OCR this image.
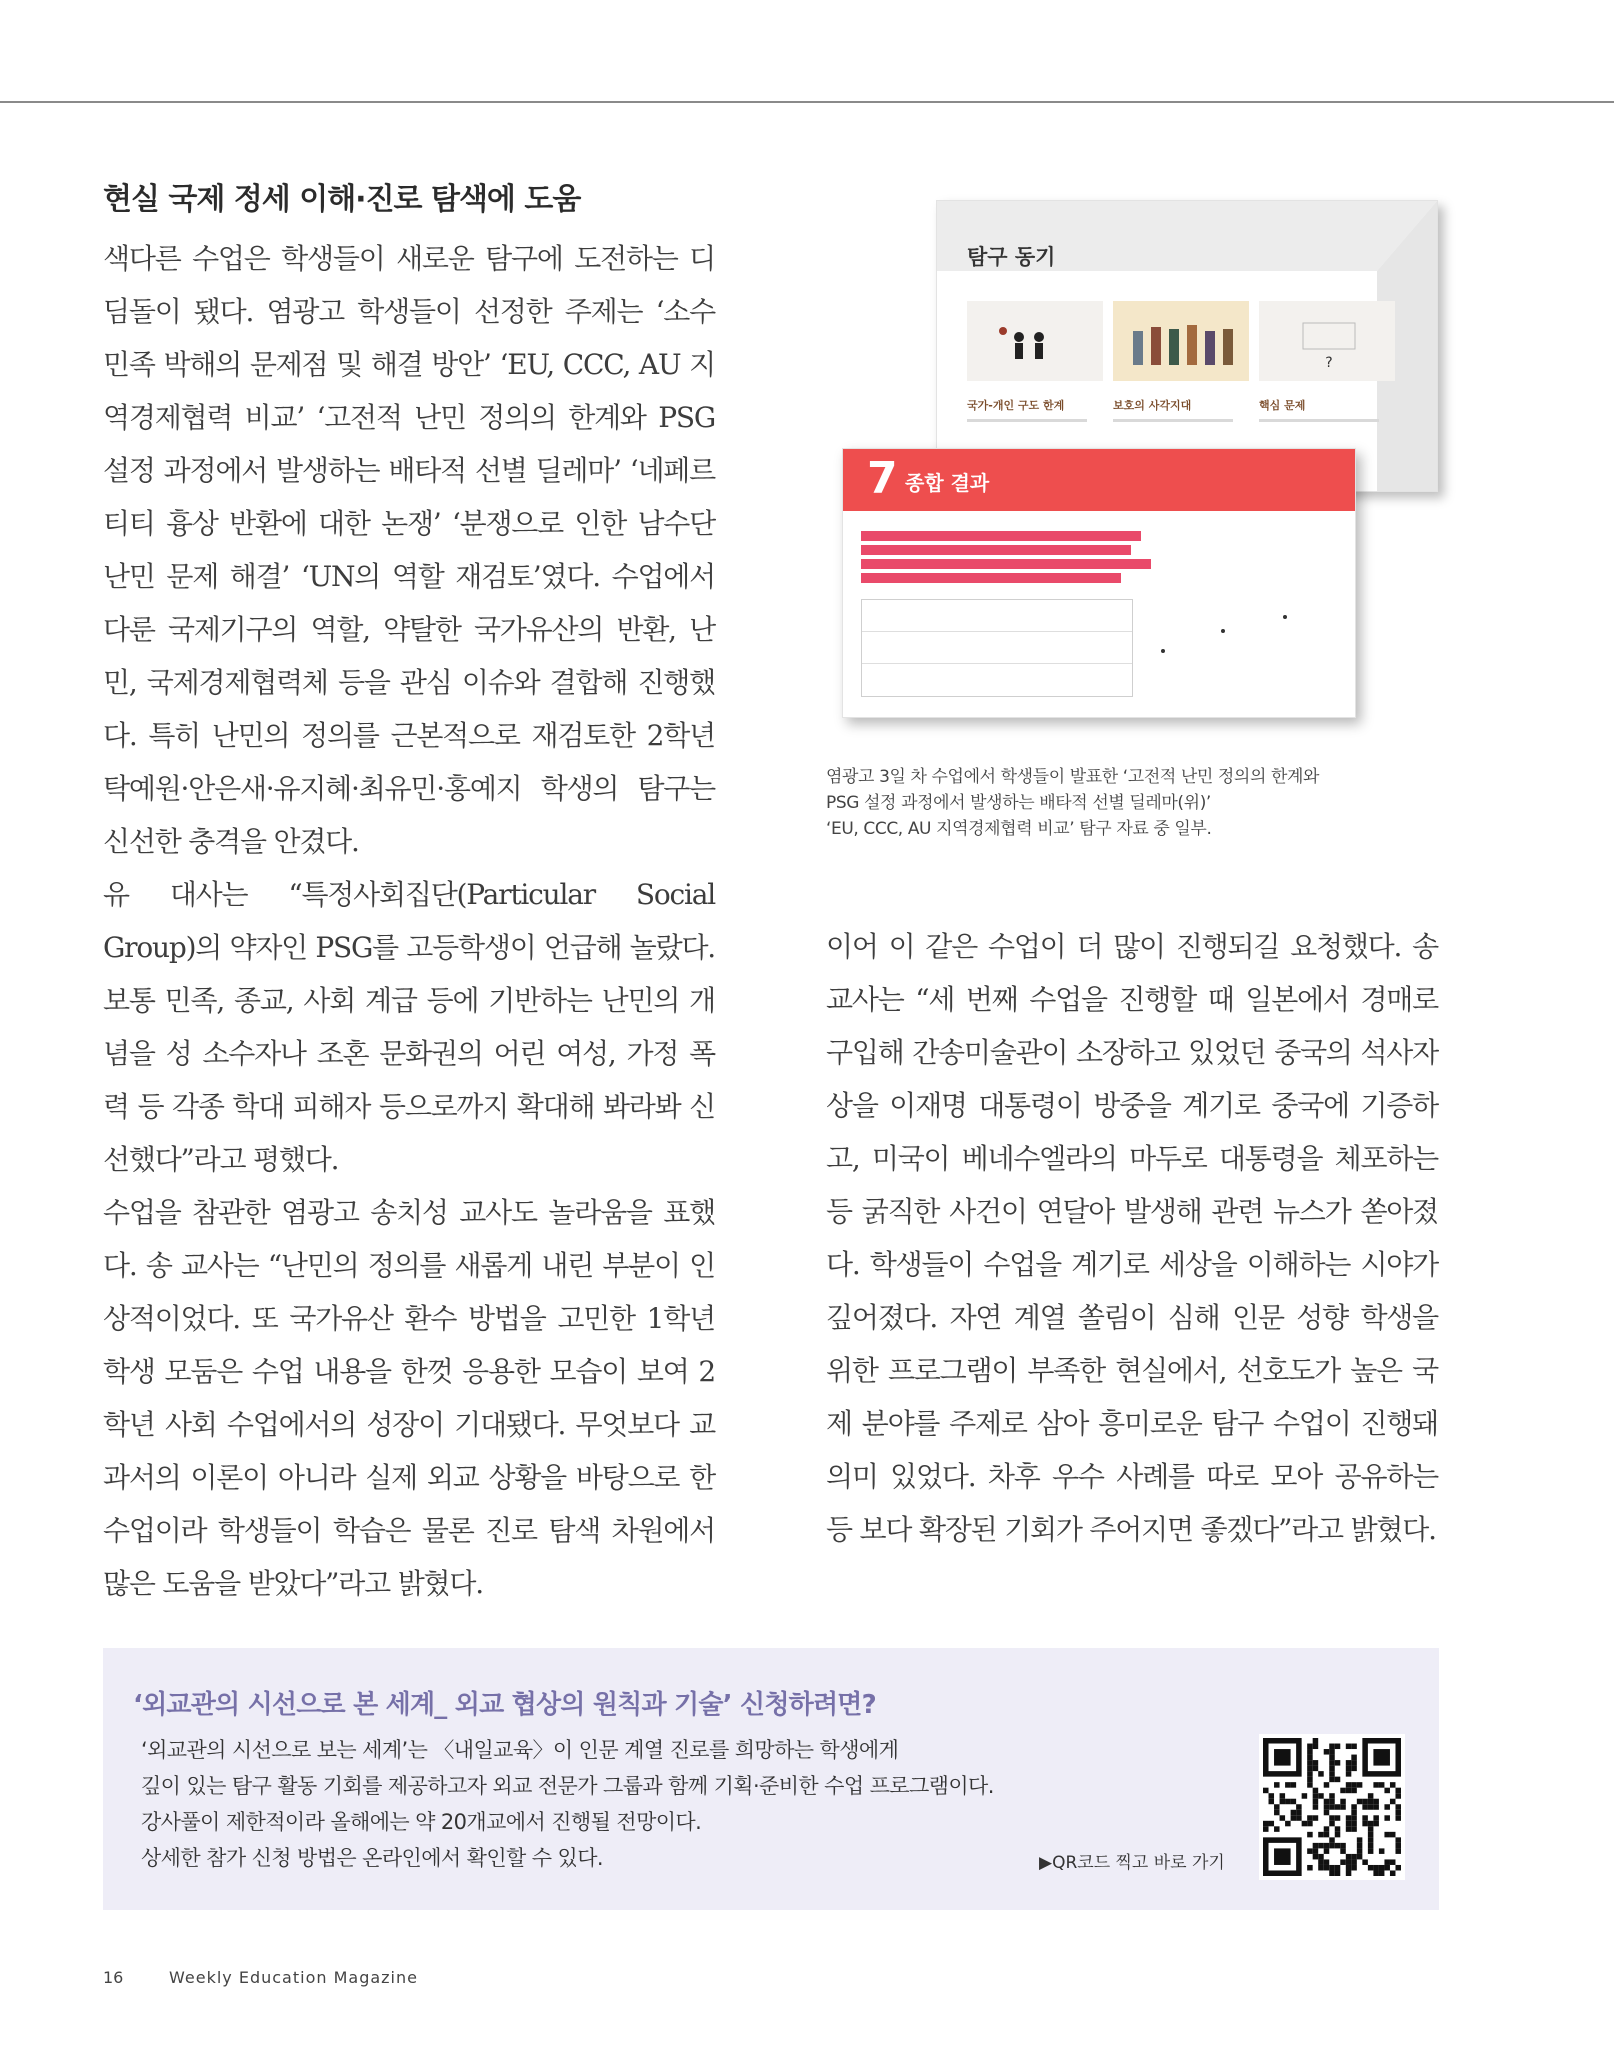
현실 국제 정세 이해·진로 탐색에 도움

색다른 수업은 학생들이 새로운 탐구에 도전하는 디딤돌이 됐다. 염광고 학생들이 선정한 주제는 ‘소수 민족 박해의 문제점 및 해결 방안’ ‘EU, CCC, AU 지역경제협력 비교’ ‘고전적 난민 정의의 한계와 PSG 설정 과정에서 발생하는 배타적 선별 딜레마’ ‘네페르티티 흉상 반환에 대한 논쟁’ ‘분쟁으로 인한 남수단 난민 문제 해결’ ‘UN의 역할 재검토’였다. 수업에서 다룬 국제기구의 역할, 약탈한 국가유산의 반환, 난민, 국제경제협력체 등을 관심 이슈와 결합해 진행했다. 특히 난민의 정의를 근본적으로 재검토한 2학년 탁예원·안은새·유지혜·최유민·홍예지 학생의 탐구는 신선한 충격을 안겼다.

유 대사는 “특정사회집단(Particular Social Group)의 약자인 PSG를 고등학생이 언급해 놀랐다. 보통 민족, 종교, 사회 계급 등에 기반하는 난민의 개념을 성 소수자나 조혼 문화권의 어린 여성, 가정 폭력 등 각종 학대 피해자 등으로까지 확대해 봐라봐 신선했다”라고 평했다.

수업을 참관한 염광고 송치성 교사도 놀라움을 표했다. 송 교사는 “난민의 정의를 새롭게 내린 부분이 인상적이었다. 또 국가유산 환수 방법을 고민한 1학년 학생 모둠은 수업 내용을 한껏 응용한 모습이 보여 2학년 사회 수업에서의 성장이 기대됐다. 무엇보다 교과서의 이론이 아니라 실제 외교 상황을 바탕으로 한 수업이라 학생들이 학습은 물론 진로 탐색 차원에서 많은 도움을 받았다”라고 밝혔다.

탐구 동기
?
국가-개인 구도 한계	보호의 사각지대	핵심 문제
7 종합 결과
염광고 3일 차 수업에서 학생들이 발표한 ‘고전적 난민 정의의 한계와
PSG 설정 과정에서 발생하는 배타적 선별 딜레마(위)’
‘EU, CCC, AU 지역경제협력 비교’ 탐구 자료 중 일부.

이어 이 같은 수업이 더 많이 진행되길 요청했다. 송 교사는 “세 번째 수업을 진행할 때 일본에서 경매로 구입해 간송미술관이 소장하고 있었던 중국의 석사자상을 이재명 대통령이 방중을 계기로 중국에 기증하고, 미국이 베네수엘라의 마두로 대통령을 체포하는 등 굵직한 사건이 연달아 발생해 관련 뉴스가 쏟아졌다. 학생들이 수업을 계기로 세상을 이해하는 시야가 깊어졌다. 자연 계열 쏠림이 심해 인문 성향 학생을 위한 프로그램이 부족한 현실에서, 선호도가 높은 국제 분야를 주제로 삼아 흥미로운 탐구 수업이 진행돼 의미 있었다. 차후 우수 사례를 따로 모아 공유하는 등 보다 확장된 기회가 주어지면 좋겠다”라고 밝혔다.

‘외교관의 시선으로 본 세계_ 외교 협상의 원칙과 기술’ 신청하려면?
‘외교관의 시선으로 보는 세계’는 〈내일교육〉이 인문 계열 진로를 희망하는 학생에게
깊이 있는 탐구 활동 기회를 제공하고자 외교 전문가 그룹과 함께 기획·준비한 수업 프로그램이다.
강사풀이 제한적이라 올해에는 약 20개교에서 진행될 전망이다.
상세한 참가 신청 방법은 온라인에서 확인할 수 있다.	▶QR코드 찍고 바로 가기
16	Weekly Education Magazine
